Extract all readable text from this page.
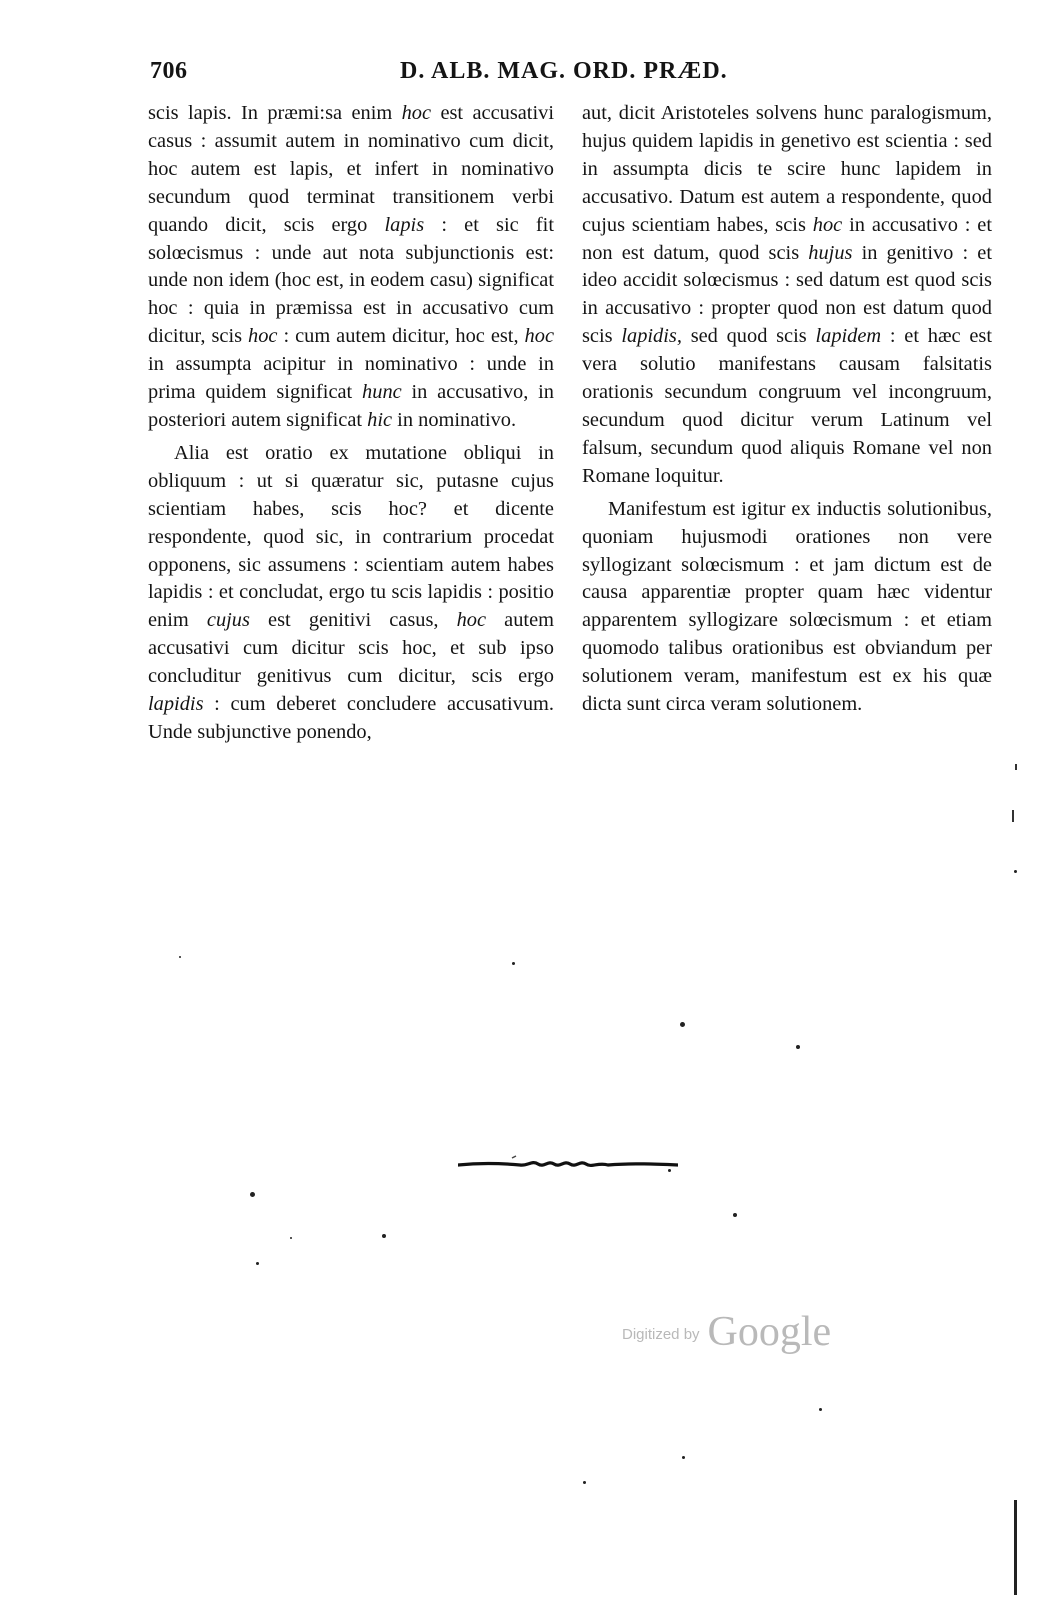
706	D. ALB. MAG. ORD. PRÆD.

scis lapis. In præmi:sa enim hoc est accusativi casus : assumit autem in nominativo cum dicit, hoc autem est lapis, et infert in nominativo secundum quod terminat transitionem verbi quando dicit, scis ergo lapis : et sic fit solœcismus : unde aut nota subjunctionis est: unde non idem (hoc est, in eodem casu) significat hoc : quia in præmissa est in accusativo cum dicitur, scis hoc : cum autem dicitur, hoc est, hoc in assumpta acipitur in nominativo : unde in prima quidem significat hunc in accusativo, in posteriori autem significat hic in nominativo.

Alia est oratio ex mutatione obliqui in obliquum : ut si quæratur sic, putasne cujus scientiam habes, scis hoc? et dicente respondente, quod sic, in contrarium procedat opponens, sic assumens : scientiam autem habes lapidis : et concludat, ergo tu scis lapidis : positio enim cujus est genitivi casus, hoc autem accusativi cum dicitur scis hoc, et sub ipso concluditur genitivus cum dicitur, scis ergo lapidis : cum deberet concludere accusativum. Unde subjunctive ponendo,

aut, dicit Aristoteles solvens hunc paralogismum, hujus quidem lapidis in genetivo est scientia : sed in assumpta dicis te scire hunc lapidem in accusativo. Datum est autem a respondente, quod cujus scientiam habes, scis hoc in accusativo : et non est datum, quod scis hujus in genitivo : et ideo accidit solœcismus : sed datum est quod scis in accusativo : propter quod non est datum quod scis lapidis, sed quod scis lapidem : et hæc est vera solutio manifestans causam falsitatis orationis secundum congruum vel incongruum, secundum quod dicitur verum Latinum vel falsum, secundum quod aliquis Romane vel non Romane loquitur.

Manifestum est igitur ex inductis solutionibus, quoniam hujusmodi orationes non vere syllogizant solœcismum : et jam dictum est de causa apparentiæ propter quam hæc videntur apparentem syllogizare solœcismum : et etiam quomodo talibus orationibus est obviandum per solutionem veram, manifestum est ex his quæ dicta sunt circa veram solutionem.

Digitized by Google
